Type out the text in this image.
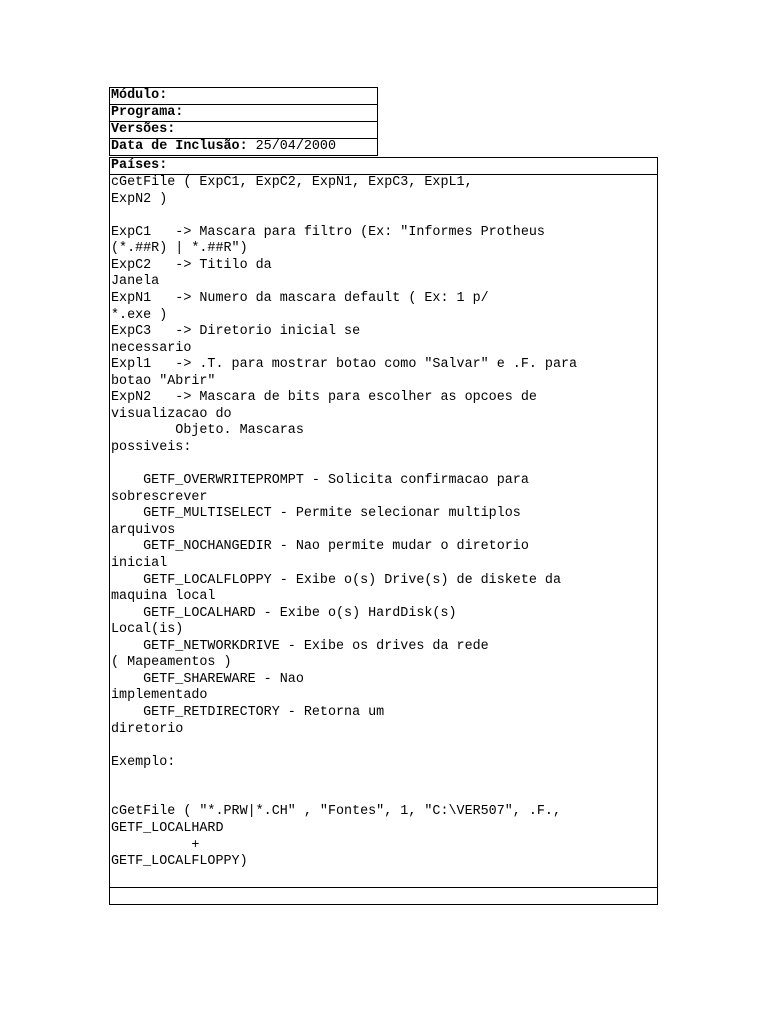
Módulo:
Programa:
Versões:
Data de Inclusão: 25/04/2000
Países:
cGetFile ( ExpC1, ExpC2, ExpN1, ExpC3, ExpL1,
ExpN2 )

ExpC1   -> Mascara para filtro (Ex: "Informes Protheus
(*.##R) | *.##R")
ExpC2   -> Titilo da
Janela
ExpN1   -> Numero da mascara default ( Ex: 1 p/
*.exe )
ExpC3   -> Diretorio inicial se
necessario
Expl1   -> .T. para mostrar botao como "Salvar" e .F. para
botao "Abrir"
ExpN2   -> Mascara de bits para escolher as opcoes de
visualizacao do
Objeto. Mascaras
possiveis:

GETF_OVERWRITEPROMPT - Solicita confirmacao para
sobrescrever
GETF_MULTISELECT - Permite selecionar multiplos
arquivos
GETF_NOCHANGEDIR - Nao permite mudar o diretorio
inicial
GETF_LOCALFLOPPY - Exibe o(s) Drive(s) de diskete da
maquina local
GETF_LOCALHARD - Exibe o(s) HardDisk(s)
Local(is)
GETF_NETWORKDRIVE - Exibe os drives da rede
( Mapeamentos )
GETF_SHAREWARE - Nao
implementado
GETF_RETDIRECTORY - Retorna um
diretorio

Exemplo:

cGetFile ( "*.PRW|*.CH" , "Fontes", 1, "C:\VER507", .F.,
GETF_LOCALHARD
+
GETF_LOCALFLOPPY)
